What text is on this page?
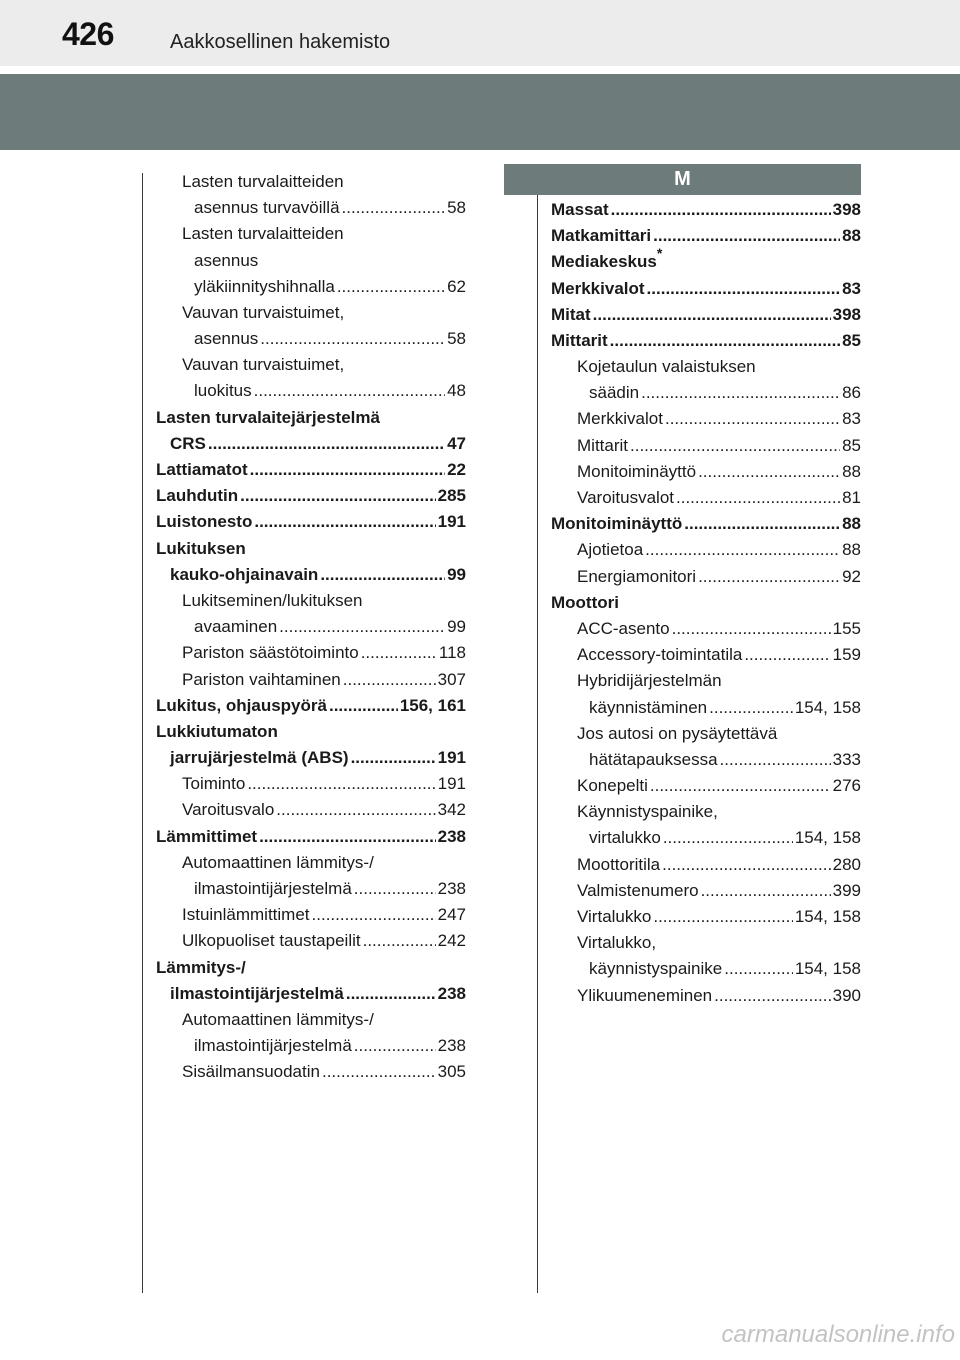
426	Aakkosellinen hakemisto
M
Lasten turvalaitteiden
asennus turvavöillä .....	58
Lasten turvalaitteiden
asennus
yläkiinnityshihnalla .....	62
Vauvan turvaistuimet,
asennus .....	58
Vauvan turvaistuimet,
luokitus .....	48
Lasten turvalaitejärjestelmä
CRS .....	47
Lattiamatot .....	22
Lauhdutin .....	285
Luistonesto .....	191
Lukituksen
kauko-ohjainavain .....	99
Lukitseminen/lukituksen
avaaminen .....	99
Pariston säästötoiminto .....	118
Pariston vaihtaminen .....	307
Lukitus, ohjauspyörä .....	156, 161
Lukkiutumaton
jarrujärjestelmä (ABS) .....	191
Toiminto .....	191
Varoitusvalo .....	342
Lämmittimet .....	238
Automaattinen lämmitys-/
ilmastointijärjestelmä .....	238
Istuinlämmittimet .....	247
Ulkopuoliset taustapeilit .....	242
Lämmitys-/
ilmastointijärjestelmä .....	238
Automaattinen lämmitys-/
ilmastointijärjestelmä .....	238
Sisäilmansuodatin .....	305
Massat .....	398
Matkamittari .....	88
Mediakeskus*
Merkkivalot .....	83
Mitat .....	398
Mittarit .....	85
Kojetaulun valaistuksen
säädin .....	86
Merkkivalot .....	83
Mittarit .....	85
Monitoiminäyttö .....	88
Varoitusvalot .....	81
Monitoiminäyttö .....	88
Ajotietoa .....	88
Energiamonitori .....	92
Moottori
ACC-asento .....	155
Accessory-toimintatila .....	159
Hybridijärjestelmän
käynnistäminen .....	154, 158
Jos autosi on pysäytettävä
hätätapauksessa .....	333
Konepelti .....	276
Käynnistyspainike,
virtalukko .....	154, 158
Moottoritila .....	280
Valmistenumero .....	399
Virtalukko .....	154, 158
Virtalukko,
käynnistyspainike .....	154, 158
Ylikuumeneminen .....	390
carmanualsonline.info
